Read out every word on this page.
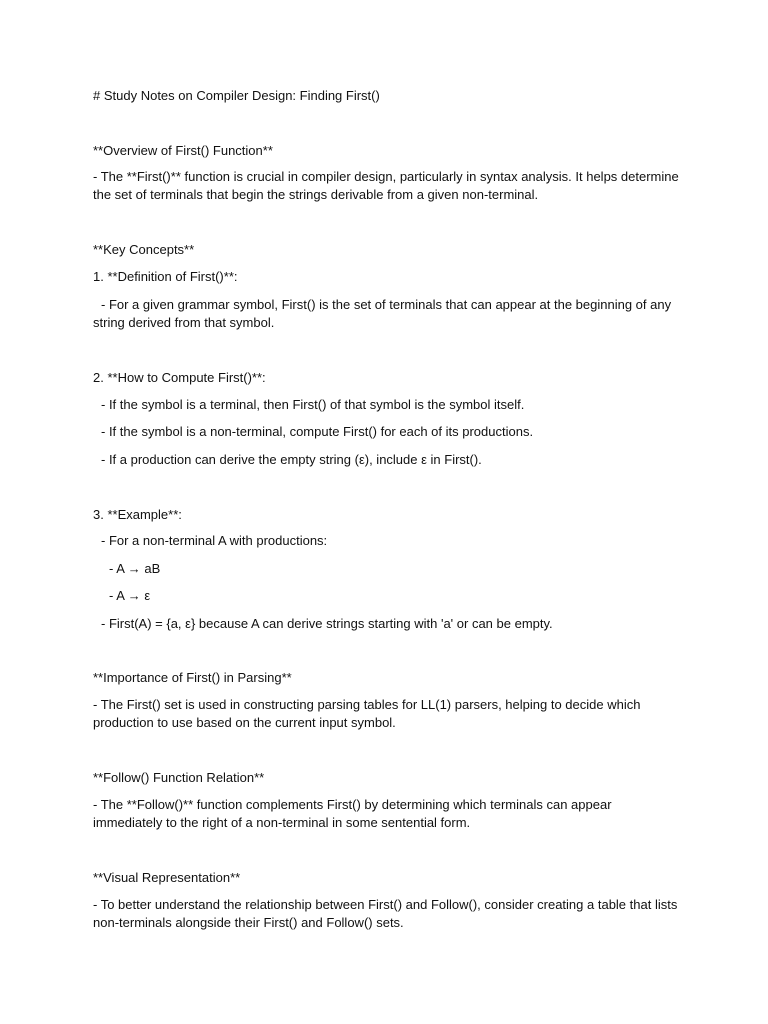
# Study Notes on Compiler Design: Finding First()
**Overview of First() Function**
- The **First()** function is crucial in compiler design, particularly in syntax analysis. It helps determine the set of terminals that begin the strings derivable from a given non-terminal.
**Key Concepts**
1. **Definition of First()**:
- For a given grammar symbol, First() is the set of terminals that can appear at the beginning of any string derived from that symbol.
2. **How to Compute First()**:
- If the symbol is a terminal, then First() of that symbol is the symbol itself.
- If the symbol is a non-terminal, compute First() for each of its productions.
- If a production can derive the empty string (ε), include ε in First().
3. **Example**:
- For a non-terminal A with productions:
- A → aB
- A → ε
- First(A) = {a, ε} because A can derive strings starting with 'a' or can be empty.
**Importance of First() in Parsing**
- The First() set is used in constructing parsing tables for LL(1) parsers, helping to decide which production to use based on the current input symbol.
**Follow() Function Relation**
- The **Follow()** function complements First() by determining which terminals can appear immediately to the right of a non-terminal in some sentential form.
**Visual Representation**
- To better understand the relationship between First() and Follow(), consider creating a table that lists non-terminals alongside their First() and Follow() sets.
